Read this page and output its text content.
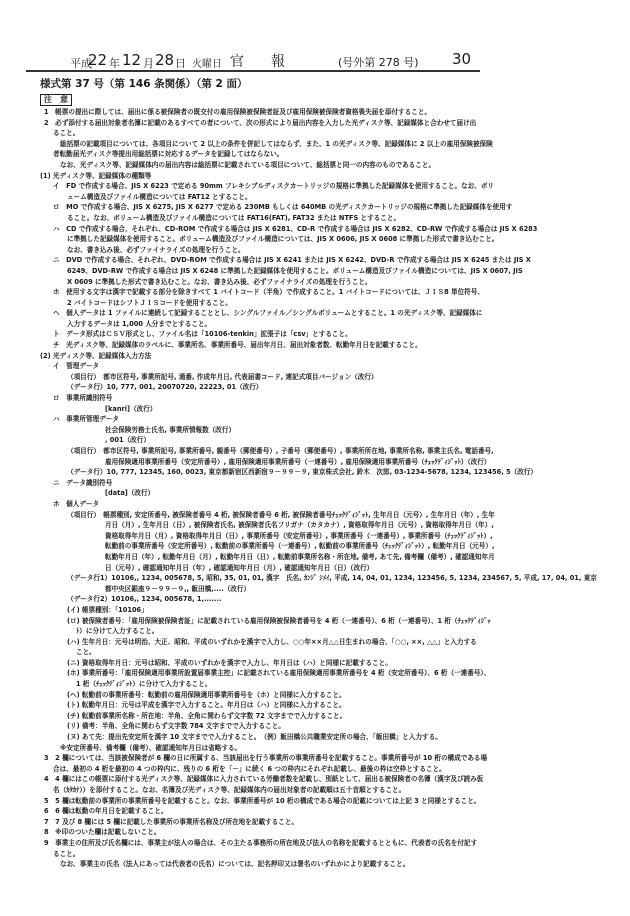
平成
22 年 12 月 28 日 火曜日 官 報	(号外第 278 号) 30
様式第 37 号（第 146 条関係）（第 2 面）
注　意
1　帳票の提出に際しては、届出に係る被保険者の既交付の雇用保険被保険者証及び雇用保険被保険者資格喪失届を添付すること。
2　必ず添付する届出対象者名簿に記載のあるすべての者について、次の形式により届出内容を入力した光ディスク等、記録媒体と合わせて届け出
ること。
総括票の記載項目については、各項目について 2 以上の条件を併記してはならず、また、1 の光ディスク等、記録媒体に 2 以上の雇用保険被保険
者転勤届光ディスク等提出用総括票に対応するデータを記録してはならない。
なお、光ディスク等、記録媒体内の届出内容は総括票に記載されている項目について、総括票と同一の内容のものであること。
(1) 光ディスク等、記録媒体の種類等
イ　FD で作成する場合、JIS X 6223 で定める 90mm フレキシブルディスクカートリッジの規格に準拠した記録媒体を使用すること。なお、ボリ
ューム構造及びファイル構造については FAT12 とすること。
ロ　MO で作成する場合、JIS X 6275, JIS X 6277 で定める 230MB もしくは 640MB の光ディスクカートリッジの規格に準拠した記録媒体を使用す
ること。なお、ボリューム構造及びファイル構造については FAT16(FAT), FAT32 または NTFS とすること。
ハ　CD で作成する場合、それぞれ、CD-ROM で作成する場合は JIS X 6281、CD-R で作成する場合は JIS X 6282、CD-RW で作成する場合は JIS X 6283
に準拠した記録媒体を使用すること。ボリューム構造及びファイル構造については、JIS X 0606, JIS X 0608 に準拠した形式で書き込むこと。
なお、書き込み後、必ずファイナライズの処理を行うこと。
ニ　DVD で作成する場合、それぞれ、DVD-ROM で作成する場合は JIS X 6241 または JIS X 6242、DVD-R で作成する場合は JIS X 6245 または JIS X
6249、DVD-RW で作成する場合は JIS X 6248 に準拠した記録媒体を使用すること。ボリューム構造及びファイル構造については、JIS X 0607, JIS
X 0609 に準拠した形式で書き込むこと。なお、書き込み後、必ずファイナライズの処理を行うこと。
ホ　使用する文字は漢字で記載する部分を除きすべて 1 バイトコード（半角）で作成すること。1 バイトコードについては、ＪＩＳ8 単位符号、
2 バイトコードはシフトＪＩＳコードを使用すること。
ヘ　個人データは 1 ファイルに連続して記録することとし、シングルファイル／シングルボリュームとすること。1 の光ディスク等、記録媒体に
入力するデータは 1,000 人分までとすること。
ト　データ形式はＣＳＶ形式とし、ファイル名は「10106-tenkin」拡張子は「csv」とすること。
チ　光ディスク等、記録媒体のラベルに、事業所名、事業所番号、届出年月日、届出対象者数、転勤年月日を記載すること。
(2) 光ディスク等、記録媒体入力方法
イ　管理データ
（項目行）　都市区符号, 事業所記号, 通番, 作成年月日, 代表届書コード, 連記式項目バージョン（改行）
（データ行）10, 777, 001, 20070720, 22223, 01（改行）
ロ　事業所識別符号
[kanri]（改行）
ハ　事業所管理データ
社会保険労務士氏名, 事業所情報数（改行）
, 001（改行）
（項目行）　都市区符号, 事業所記号, 事業所番号, 親番号（郵便番号）, 子番号（郵便番号）, 事業所所在地, 事業所名称, 事業主氏名, 電話番号,
雇用保険適用事業所番号（安定所番号）, 雇用保険適用事業所番号（一連番号）, 雇用保険適用事業所番号（ﾁｪｯｸﾃﾞｨｼﾞｯﾄ）（改行）
（データ行）10, 777, 12345, 160, 0023, 東京都新宿区西新宿９－９９－９, 東京株式会社, 鈴木　次郎, 03-1234-5678, 1234, 123456, 5（改行）
ニ　データ識別符号
[data]（改行）
ホ　個人データ
（項目行）　帳票種別, 安定所番号, 被保険者番号 4 桁, 被保険者番号 6 桁, 被保険者番号ﾁｪｯｸﾃﾞｨｼﾞｯﾄ, 生年月日（元号）, 生年月日（年）, 生年
月日（月）, 生年月日（日）, 被保険者氏名, 被保険者氏名フリガナ（カタカナ）, 資格取得年月日（元号）, 資格取得年月日（年）,
資格取得年月日（月）, 資格取得年月日（日）, 事業所番号（安定所番号）, 事業所番号（一連番号）, 事業所番号（ﾁｪｯｸﾃﾞｨｼﾞｯﾄ）,
転勤前の事業所番号（安定所番号）, 転勤前の事業所番号（一連番号）, 転勤前の事業所番号（ﾁｪｯｸﾃﾞｨｼﾞｯﾄ）, 転勤年月日（元号）,
転勤年月日（年）, 転勤年月日（月）, 転勤年月日（日）, 転勤前事業所名称・所在地, 備考, あて先, 備考欄（備考）, 確認通知年月
日（元号）, 確認通知年月日（年）, 確認通知年月日（月）, 確認通知年月日（日）（改行）
（データ行1）10106,, 1234, 005678, 5, 昭和, 35, 01, 01, 漢字　氏名, ｶﾝｼﾞ ｼﾒｲ, 平成, 14, 04, 01, 1234, 123456, 5, 1234, 234567, 5, 平成, 17, 04, 01, 東京
都中央区銀座９－９９－９,, 飯田橋,....（改行）
（データ行2）10106,, 1234, 005678, 1,.......
(イ) 帳票種別：「10106」
(ロ) 被保険者番号：「雇用保険被保険者証」に記載されている雇用保険被保険者番号を 4 桁（一連番号）、6 桁（一連番号）、1 桁（ﾁｪｯｸﾃﾞｨｼﾞｯ
ﾄ）に分けて入力すること。
(ハ) 生年月日：元号は明治、大正、昭和、平成のいずれかを漢字で入力し、○○年××月△△日生まれの場合、「○○, ××, △△」と入力する
こと。
(ニ) 資格取得年月日：元号は昭和、平成のいずれかを漢字で入力し、年月日は（ハ）と同様に記載すること。
(ホ) 事業所番号：「雇用保険適用事業所設置届事業主控」に記載されている雇用保険適用事業所番号を 4 桁（安定所番号）、6 桁（一連番号）、
1 桁（ﾁｪｯｸﾃﾞｨｼﾞｯﾄ）に分けて入力すること。
(ヘ) 転勤前の事業所番号：転勤前の雇用保険適用事業所番号を（ホ）と同様に入力すること。
(ト) 転勤年月日：元号は平成を漢字で入力すること。年月日は（ハ）と同様に入力すること。
(チ) 転勤前事業所名称・所在地：半角、全角に関わらず文字数 72 文字までで入力すること。
(リ) 備考：半角、全角に関わらず文字数 784 文字までで入力すること。
(ヌ) あて先：提出先安定所を漢字 10 文字までで入力すること。　（例）飯田橋公共職業安定所の場合、「飯田橋」と入力する。
※安定所番号、備考欄（備考）、確認通知年月日は省略する。
3　2 欄については、当該被保険者が 6 欄の日に所属する、当該届出を行う事業所の事業所番号を記載すること。事業所番号が 10 桁の構成である場
合は、最初の 4 桁を最初の 4 つの枠内に、残りの 6 桁を「－」に続く 6 つの枠内にそれぞれ記載し、最後の枠は空枠とすること。
4　4 欄にはこの帳票に添付する光ディスク等、記録媒体に入力されている労働者数を記載し、別紙として、届出る被保険者の名簿（漢字及び読み仮
名（ｶﾀｶﾅ））を添付すること。なお、名簿及び光ディスク等、記録媒体内の届出対象者の記載順は五十音順とすること。
5　5 欄は転勤前の事業所の事業所番号を記載すること。なお、事業所番号が 10 桁の構成である場合の記載については上記 3 と同様とすること。
6　6 欄は転勤の年月日を記載すること。
7　7 及び 8 欄には 5 欄に記載した事業所の事業所名称及び所在地を記載すること。
8　※印のついた欄は記載しないこと。
9　事業主の住所及び氏名欄には、事業主が法人の場合は、その主たる事務所の所在地及び法人の名称を記載するとともに、代表者の氏名を付記す
ること。
なお、事業主の氏名（法人にあっては代表者の氏名）については、記名押印又は署名のいずれかにより記載すること。
